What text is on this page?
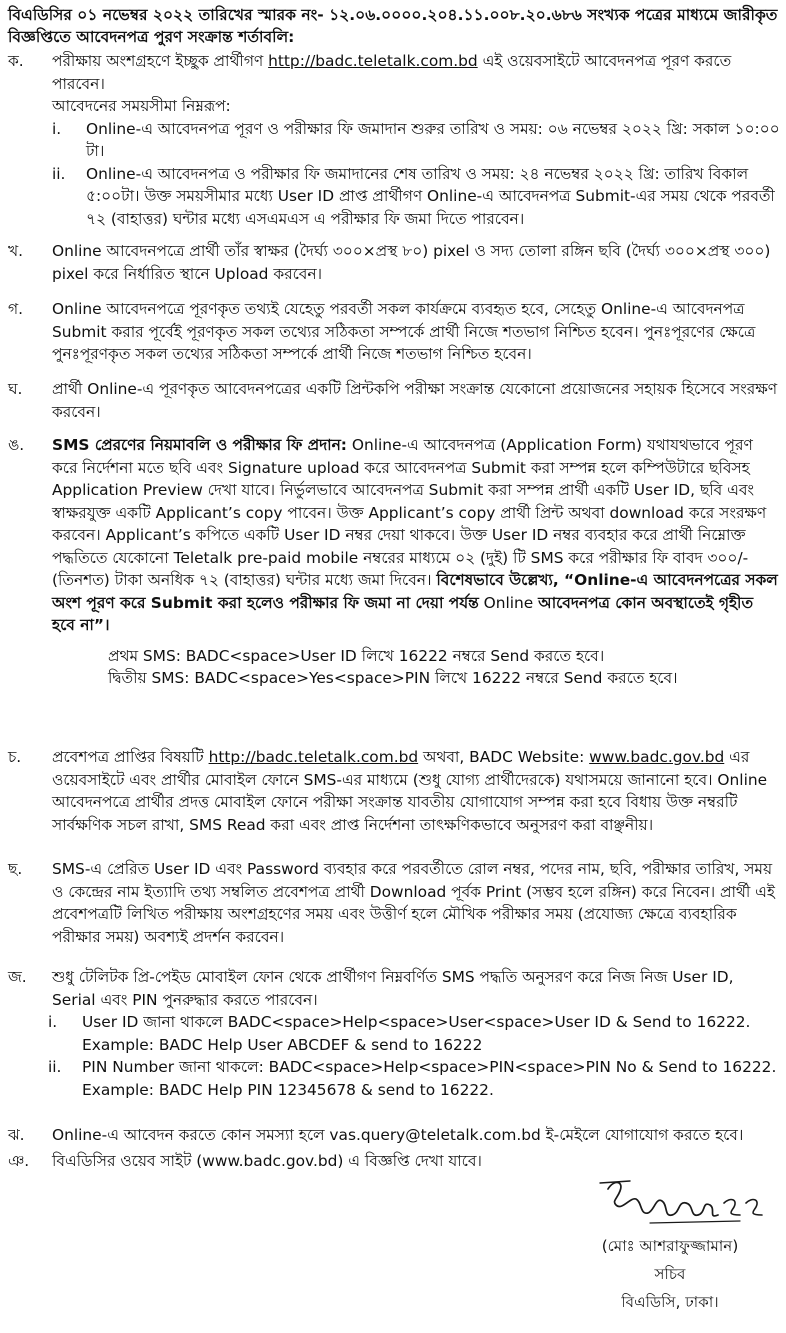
বিএডিসির ০১ নভেম্বর ২০২২ তারিখের স্মারক নং- ১২.০৬.০০০০.২০৪.১১.০০৮.২০.৬৮৬ সংখ্যক পত্রের মাধ্যমে জারীকৃত বিজ্ঞপ্তিতে আবেদনপত্র পুরণ সংক্রান্ত শর্তাবলি:
ক.	পরীক্ষায় অংশগ্রহণে ইচ্ছুক প্রার্থীগণ http://badc.teletalk.com.bd এই ওয়েবসাইটে আবেদনপত্র পূরণ করতে পারবেন।
আবেদনের সময়সীমা নিম্নরূপ:
i. Online-এ আবেদনপত্র পূরণ ও পরীক্ষার ফি জমাদান শুরুর তারিখ ও সময়: ০৬ নভেম্বর ২০২২ খ্রি: সকাল ১০:০০ টা।
ii. Online-এ আবেদনপত্র ও পরীক্ষার ফি জমাদানের শেষ তারিখ ও সময়: ২৪ নভেম্বর ২০২২ খ্রি: তারিখ বিকাল ৫:০০টা। উক্ত সময়সীমার মধ্যে User ID প্রাপ্ত প্রার্থীগণ Online-এ আবেদনপত্র Submit-এর সময় থেকে পরবর্তী ৭২ (বাহাত্তর) ঘন্টার মধ্যে এসএমএস এ পরীক্ষার ফি জমা দিতে পারবেন।
খ.	Online আবেদনপত্রে প্রার্থী তাঁর স্বাক্ষর (দৈর্ঘ্য ৩০০×প্রস্থ ৮০) pixel ও সদ্য তোলা রঙ্গিন ছবি (দৈর্ঘ্য ৩০০×প্রস্থ ৩০০) pixel করে নির্ধারিত স্থানে Upload করবেন।
গ.	Online আবেদনপত্রে পূরণকৃত তথ্যই যেহেতু পরবর্তী সকল কার্যক্রমে ব্যবহৃত হবে, সেহেতু Online-এ আবেদনপত্র Submit করার পূর্বেই পূরণকৃত সকল তথ্যের সঠিকতা সম্পর্কে প্রার্থী নিজে শতভাগ নিশ্চিত হবেন। পুনঃপূরণের ক্ষেত্রে পুনঃপূরণকৃত সকল তথ্যের সঠিকতা সম্পর্কে প্রার্থী নিজে শতভাগ নিশ্চিত হবেন।
ঘ.	প্রার্থী Online-এ পূরণকৃত আবেদনপত্রের একটি প্রিন্টকপি পরীক্ষা সংক্রান্ত যেকোনো প্রয়োজনের সহায়ক হিসেবে সংরক্ষণ করবেন।
ঙ.	SMS প্রেরণের নিয়মাবলি ও পরীক্ষার ফি প্রদান: Online-এ আবেদনপত্র (Application Form) যথাযথভাবে পূরণ করে নির্দেশনা মতে ছবি এবং Signature upload করে আবেদনপত্র Submit করা সম্পন্ন হলে কম্পিউটারে ছবিসহ Application Preview দেখা যাবে। নির্ভুলভাবে আবেদনপত্র Submit করা সম্পন্ন প্রার্থী একটি User ID, ছবি এবং স্বাক্ষরযুক্ত একটি Applicant’s copy পাবেন। উক্ত Applicant’s copy প্রার্থী প্রিন্ট অথবা download করে সংরক্ষণ করবেন। Applicant’s কপিতে একটি User ID নম্বর দেয়া থাকবে। উক্ত User ID নম্বর ব্যবহার করে প্রার্থী নিম্নোক্ত পদ্ধতিতে যেকোনো Teletalk pre-paid mobile নম্বরের মাধ্যমে ০২ (দুই) টি SMS করে পরীক্ষার ফি বাবদ ৩০০/- (তিনশত) টাকা অনধিক ৭২ (বাহাত্তর) ঘন্টার মধ্যে জমা দিবেন। বিশেষভাবে উল্লেখ্য, “Online-এ আবেদনপত্রের সকল অংশ পূরণ করে Submit করা হলেও পরীক্ষার ফি জমা না দেয়া পর্যন্ত Online আবেদনপত্র কোন অবস্থাতেই গৃহীত হবে না”।
প্রথম SMS: BADC<space>User ID লিখে 16222 নম্বরে Send করতে হবে।
দ্বিতীয় SMS: BADC<space>Yes<space>PIN লিখে 16222 নম্বরে Send করতে হবে।
চ.	প্রবেশপত্র প্রাপ্তির বিষয়টি http://badc.teletalk.com.bd অথবা, BADC Website: www.badc.gov.bd এর ওয়েবসাইটে এবং প্রার্থীর মোবাইল ফোনে SMS-এর মাধ্যমে (শুধু যোগ্য প্রার্থীদেরকে) যথাসময়ে জানানো হবে। Online আবেদনপত্রে প্রার্থীর প্রদত্ত মোবাইল ফোনে পরীক্ষা সংক্রান্ত যাবতীয় যোগাযোগ সম্পন্ন করা হবে বিধায় উক্ত নম্বরটি সার্বক্ষণিক সচল রাখা, SMS Read করা এবং প্রাপ্ত নির্দেশনা তাৎক্ষণিকভাবে অনুসরণ করা বাঞ্ছনীয়।
ছ.	SMS-এ প্রেরিত User ID এবং Password ব্যবহার করে পরবর্তীতে রোল নম্বর, পদের নাম, ছবি, পরীক্ষার তারিখ, সময় ও কেন্দ্রের নাম ইত্যাদি তথ্য সম্বলিত প্রবেশপত্র প্রার্থী Download পূর্বক Print (সম্ভব হলে রঙ্গিন) করে নিবেন। প্রার্থী এই প্রবেশপত্রটি লিখিত পরীক্ষায় অংশগ্রহণের সময় এবং উত্তীর্ণ হলে মৌখিক পরীক্ষার সময় (প্রযোজ্য ক্ষেত্রে ব্যবহারিক পরীক্ষার সময়) অবশ্যই প্রদর্শন করবেন।
জ.	শুধু টেলিটক প্রি-পেইড মোবাইল ফোন থেকে প্রার্থীগণ নিম্নবর্ণিত SMS পদ্ধতি অনুসরণ করে নিজ নিজ User ID, Serial এবং PIN পুনরুদ্ধার করতে পারবেন।
i. User ID জানা থাকলে BADC<space>Help<space>User<space>User ID & Send to 16222.
Example: BADC Help User ABCDEF & send to 16222
ii. PIN Number জানা থাকলে: BADC<space>Help<space>PIN<space>PIN No & Send to 16222.
Example: BADC Help PIN 12345678 & send to 16222.
ঝ.	Online-এ আবেদন করতে কোন সমস্যা হলে vas.query@teletalk.com.bd ই-মেইলে যোগাযোগ করতে হবে।
ঞ.	বিএডিসির ওয়েব সাইট (www.badc.gov.bd) এ বিজ্ঞপ্তি দেখা যাবে।
(মোঃ আশরাফুজ্জামান)
সচিব
বিএডিসি, ঢাকা।
